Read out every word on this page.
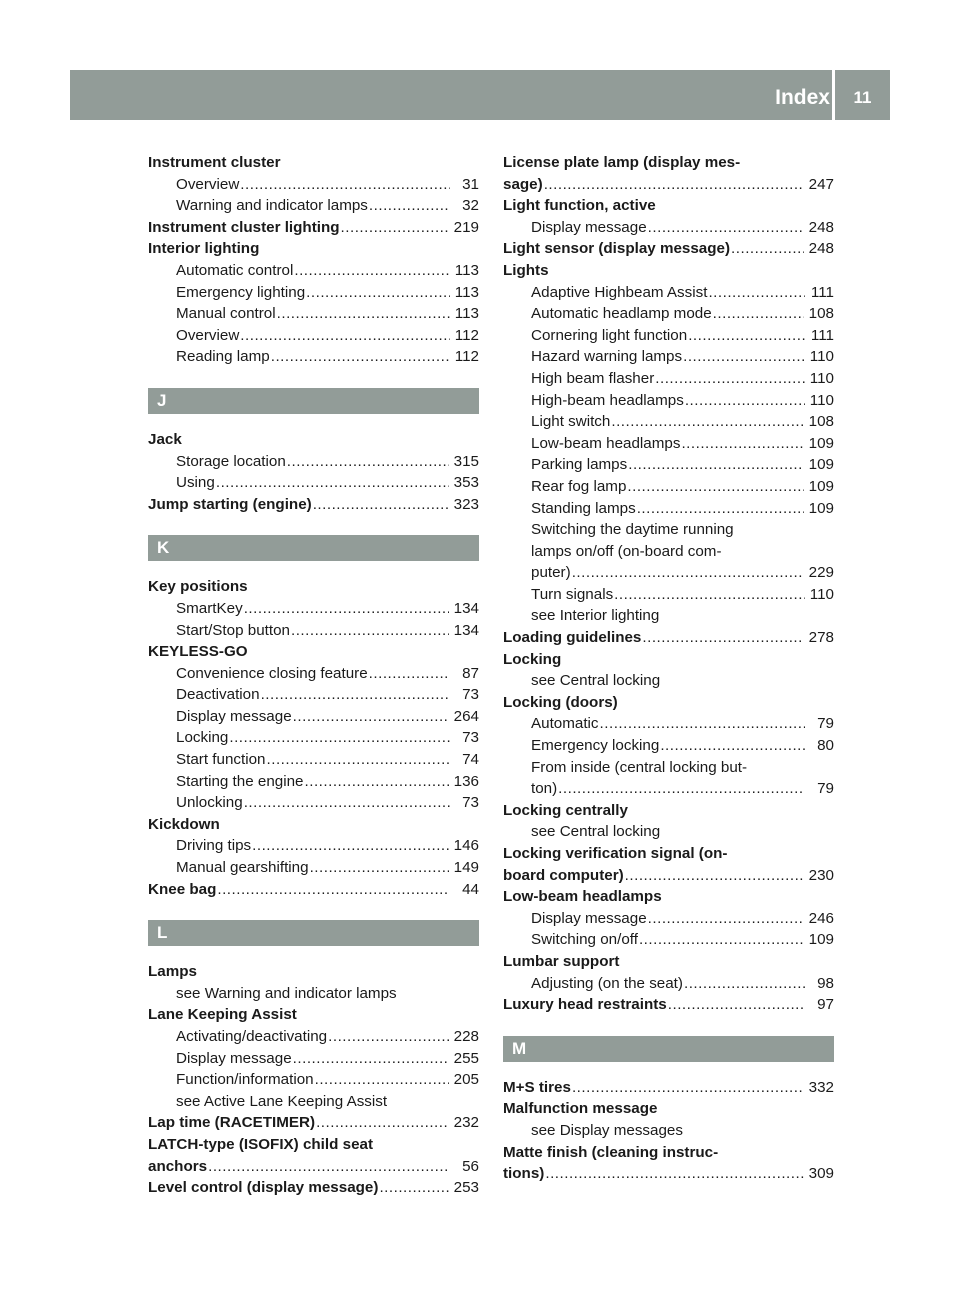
Index	11
Instrument cluster
Overview .....	31
Warning and indicator lamps .....	32
Instrument cluster lighting .....	219
Interior lighting
Automatic control .....	113
Emergency lighting .....	113
Manual control .....	113
Overview .....	112
Reading lamp .....	112
J
Jack
Storage location .....	315
Using .....	353
Jump starting (engine) .....	323
K
Key positions
SmartKey .....	134
Start/Stop button .....	134
KEYLESS-GO
Convenience closing feature .....	87
Deactivation .....	73
Display message .....	264
Locking .....	73
Start function .....	74
Starting the engine .....	136
Unlocking .....	73
Kickdown
Driving tips .....	146
Manual gearshifting .....	149
Knee bag .....	44
L
Lamps
see Warning and indicator lamps
Lane Keeping Assist
Activating/deactivating .....	228
Display message .....	255
Function/information .....	205
see Active Lane Keeping Assist
Lap time (RACETIMER) .....	232
LATCH-type (ISOFIX) child seat
anchors .....	56
Level control (display message) .....	253
License plate lamp (display mes-
sage) .....	247
Light function, active
Display message .....	248
Light sensor (display message) .....	248
Lights
Adaptive Highbeam Assist .....	111
Automatic headlamp mode .....	108
Cornering light function .....	111
Hazard warning lamps .....	110
High beam flasher .....	110
High-beam headlamps .....	110
Light switch .....	108
Low-beam headlamps .....	109
Parking lamps .....	109
Rear fog lamp .....	109
Standing lamps .....	109
Switching the daytime running
lamps on/off (on-board com-
puter) .....	229
Turn signals .....	110
see Interior lighting
Loading guidelines .....	278
Locking
see Central locking
Locking (doors)
Automatic .....	79
Emergency locking .....	80
From inside (central locking but-
ton) .....	79
Locking centrally
see Central locking
Locking verification signal (on-
board computer) .....	230
Low-beam headlamps
Display message .....	246
Switching on/off .....	109
Lumbar support
Adjusting (on the seat) .....	98
Luxury head restraints .....	97
M
M+S tires .....	332
Malfunction message
see Display messages
Matte finish (cleaning instruc-
tions) .....	309
